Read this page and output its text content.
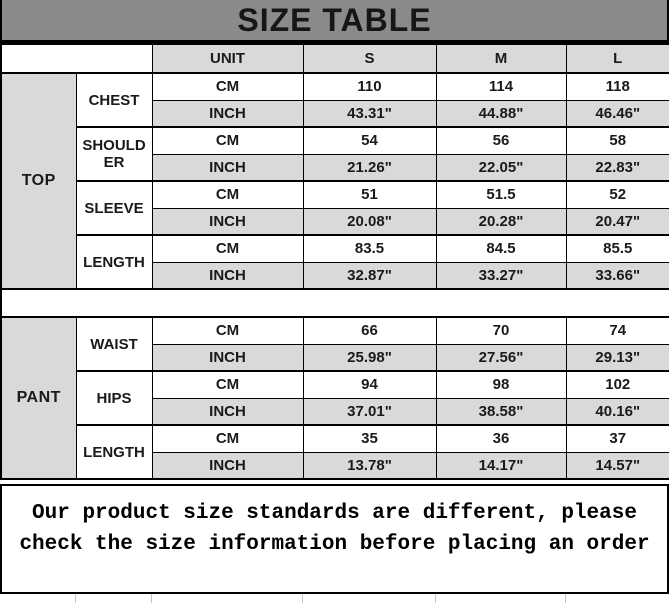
SIZE TABLE
		UNIT	S	M	L
TOP	CHEST	CM	110	114	118
		INCH	43.31"	44.88"	46.46"
	SHOULDER	CM	54	56	58
		INCH	21.26"	22.05"	22.83"
	SLEEVE	CM	51	51.5	52
		INCH	20.08"	20.28"	20.47"
	LENGTH	CM	83.5	84.5	85.5
		INCH	32.87"	33.27"	33.66"

PANT	WAIST	CM	66	70	74
		INCH	25.98"	27.56"	29.13"
	HIPS	CM	94	98	102
		INCH	37.01"	38.58"	40.16"
	LENGTH	CM	35	36	37
		INCH	13.78"	14.17"	14.57"
Our product size standards are different, please check the size information before placing an order
